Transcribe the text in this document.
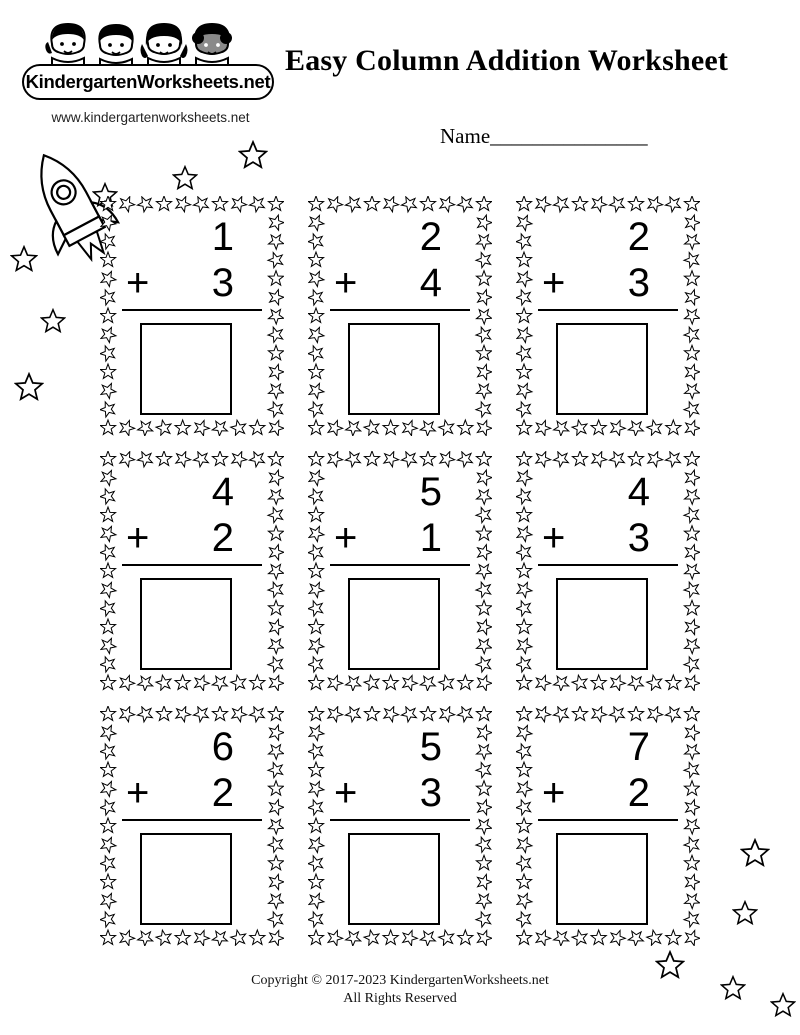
KindergartenWorksheets.net
www.kindergartenworksheets.net
Easy Column Addition Worksheet
Name_______________
1
+ 3
2
+ 4
2
+ 3
4
+ 2
5
+ 1
4
+ 3
6
+ 2
5
+ 3
7
+ 2
Copyright © 2017-2023 KindergartenWorksheets.net
All Rights Reserved
